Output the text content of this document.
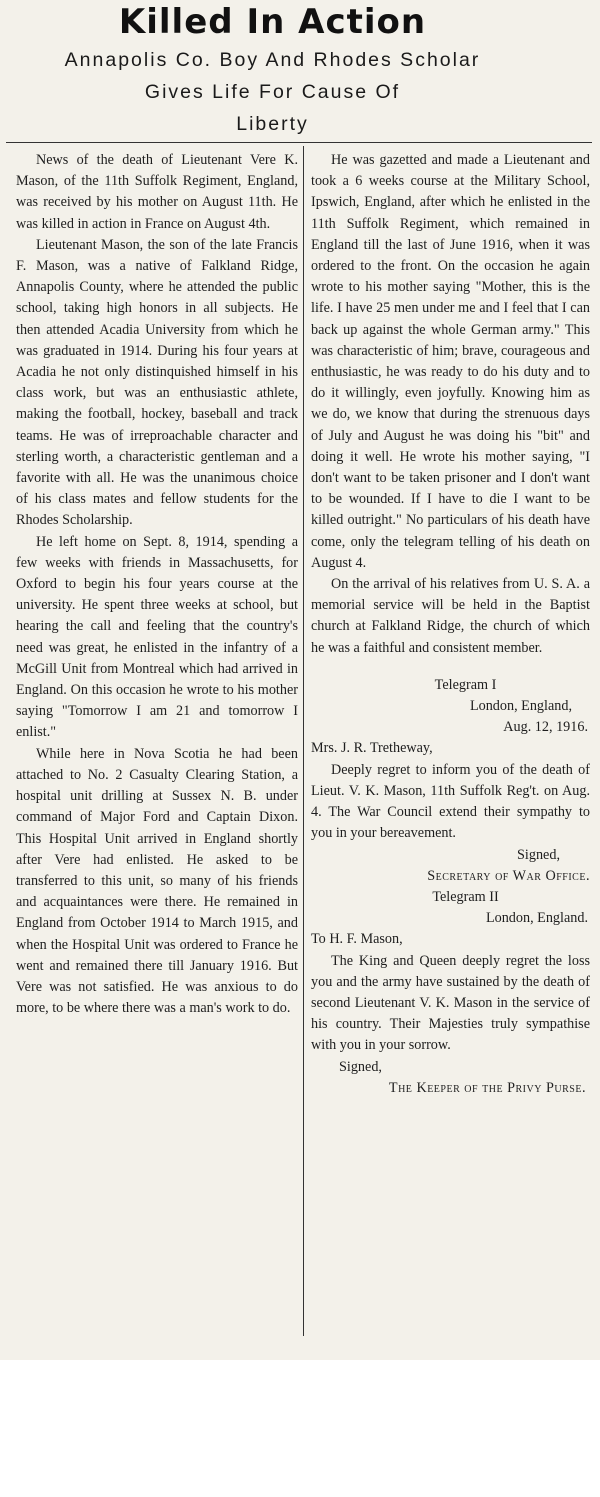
Killed In Action
Annapolis Co. Boy And Rhodes Scholar
Gives Life For Cause Of
Liberty

News of the death of Lieutenant Vere K. Mason, of the 11th Suffolk Regiment, England, was received by his mother on August 11th. He was killed in action in France on August 4th.

Lieutenant Mason, the son of the late Francis F. Mason, was a native of Falkland Ridge, Annapolis County, where he attended the public school, taking high honors in all subjects. He then attended Acadia University from which he was graduated in 1914. During his four years at Acadia he not only distinquished himself in his class work, but was an enthusiastic athlete, making the football, hockey, baseball and track teams. He was of irreproachable character and sterling worth, a characteristic gentleman and a favorite with all. He was the unanimous choice of his class mates and fellow students for the Rhodes Scholarship.

He left home on Sept. 8, 1914, spending a few weeks with friends in Massachusetts, for Oxford to begin his four years course at the university. He spent three weeks at school, but hearing the call and feeling that the country's need was great, he enlisted in the infantry of a McGill Unit from Montreal which had arrived in England. On this occasion he wrote to his mother saying "Tomorrow I am 21 and tomorrow I enlist."

While here in Nova Scotia he had been attached to No. 2 Casualty Clearing Station, a hospital unit drilling at Sussex N. B. under command of Major Ford and Captain Dixon. This Hospital Unit arrived in England shortly after Vere had enlisted. He asked to be transferred to this unit, so many of his friends and acquaintances were there. He remained in England from October 1914 to March 1915, and when the Hospital Unit was ordered to France he went and remained there till January 1916. But Vere was not satisfied. He was anxious to do more, to be where there was a man's work to do.

He was gazetted and made a Lieutenant and took a 6 weeks course at the Military School, Ipswich, England, after which he enlisted in the 11th Suffolk Regiment, which remained in England till the last of June 1916, when it was ordered to the front. On the occasion he again wrote to his mother saying "Mother, this is the life. I have 25 men under me and I feel that I can back up against the whole German army." This was characteristic of him; brave, courageous and enthusiastic, he was ready to do his duty and to do it willingly, even joyfully. Knowing him as we do, we know that during the strenuous days of July and August he was doing his "bit" and doing it well. He wrote his mother saying, "I don't want to be taken prisoner and I don't want to be wounded. If I have to die I want to be killed outright." No particulars of his death have come, only the telegram telling of his death on August 4.

On the arrival of his relatives from U. S. A. a memorial service will be held in the Baptist church at Falkland Ridge, the church of which he was a faithful and consistent member.

Telegram I
London, England,
Aug. 12, 1916.
Mrs. J. R. Tretheway,

Deeply regret to inform you of the death of Lieut. V. K. Mason, 11th Suffolk Reg't. on Aug. 4. The War Council extend their sympathy to you in your bereavement.

Signed,
Secretary of War Office.
Telegram II
London, England.
To H. F. Mason,

The King and Queen deeply regret the loss you and the army have sustained by the death of second Lieutenant V. K. Mason in the service of his country. Their Majesties truly sympathise with you in your sorrow.

Signed,
The Keeper of the Privy Purse.
